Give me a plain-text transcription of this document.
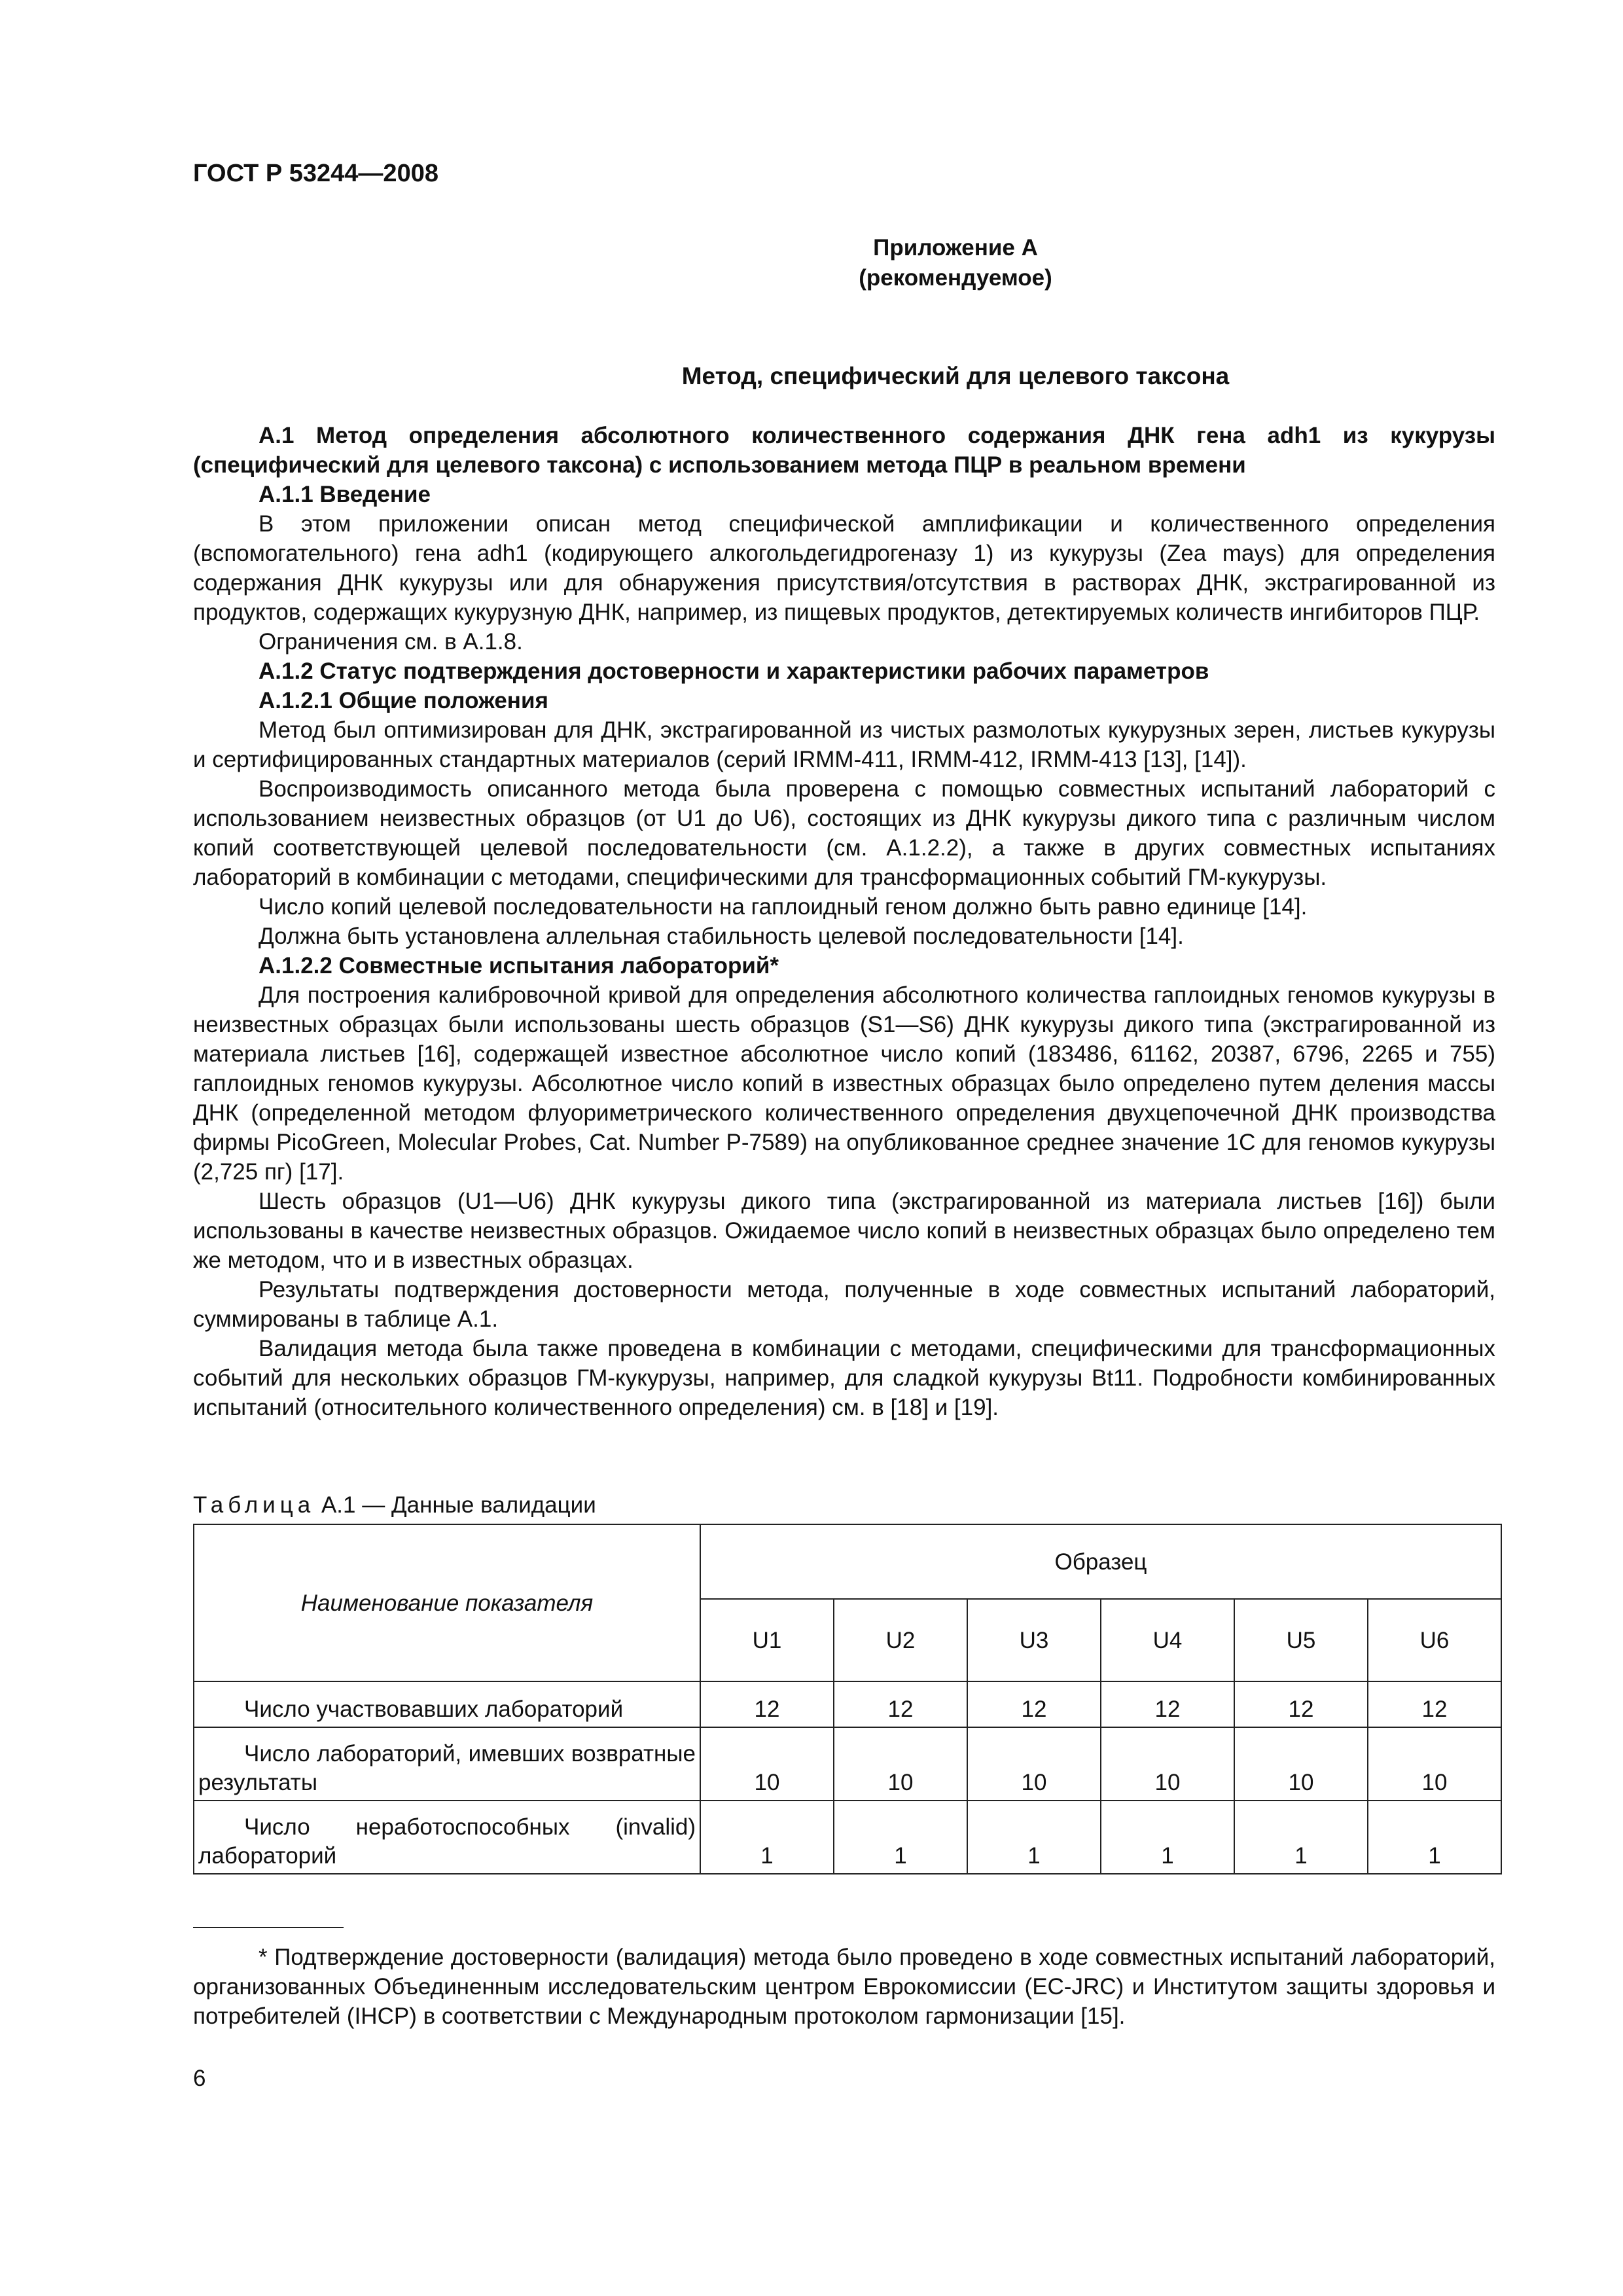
ГОСТ Р 53244—2008
Приложение А
(рекомендуемое)
Метод, специфический для целевого таксона

А.1 Метод определения абсолютного количественного содержания ДНК гена adh1 из кукурузы (специфический для целевого таксона) с использованием метода ПЦР в реальном времени

А.1.1 Введение

В этом приложении описан метод специфической амплификации и количественного определения (вспомогательного) гена adh1 (кодирующего алкогольдегидрогеназу 1) из кукурузы (Zea mays) для определения содержания ДНК кукурузы или для обнаружения присутствия/отсутствия в растворах ДНК, экстрагированной из продуктов, содержащих кукурузную ДНК, например, из пищевых продуктов, детектируемых количеств ингибиторов ПЦР.

Ограничения см. в А.1.8.

А.1.2 Статус подтверждения достоверности и характеристики рабочих параметров

А.1.2.1 Общие положения

Метод был оптимизирован для ДНК, экстрагированной из чистых размолотых кукурузных зерен, листьев кукурузы и сертифицированных стандартных материалов (серий IRMM-411, IRMM-412, IRMM-413 [13], [14]).

Воспроизводимость описанного метода была проверена с помощью совместных испытаний лабораторий с использованием неизвестных образцов (от U1 до U6), состоящих из ДНК кукурузы дикого типа с различным числом копий соответствующей целевой последовательности (см. А.1.2.2), а также в других совместных испытаниях лабораторий в комбинации с методами, специфическими для трансформационных событий ГМ-кукурузы.

Число копий целевой последовательности на гаплоидный геном должно быть равно единице [14].

Должна быть установлена аллельная стабильность целевой последовательности [14].

А.1.2.2 Совместные испытания лабораторий*

Для построения калибровочной кривой для определения абсолютного количества гаплоидных геномов кукурузы в неизвестных образцах были использованы шесть образцов (S1—S6) ДНК кукурузы дикого типа (экстрагированной из материала листьев [16], содержащей известное абсолютное число копий (183486, 61162, 20387, 6796, 2265 и 755) гаплоидных геномов кукурузы. Абсолютное число копий в известных образцах было определено путем деления массы ДНК (определенной методом флуориметрического количественного определения двухцепочечной ДНК производства фирмы PicoGreen, Molecular Probes, Cat. Number P-7589) на опубликованное среднее значение 1С для геномов кукурузы (2,725 пг) [17].

Шесть образцов (U1—U6) ДНК кукурузы дикого типа (экстрагированной из материала листьев [16]) были использованы в качестве неизвестных образцов. Ожидаемое число копий в неизвестных образцах было определено тем же методом, что и в известных образцах.

Результаты подтверждения достоверности метода, полученные в ходе совместных испытаний лабораторий, суммированы в таблице А.1.

Валидация метода была также проведена в комбинации с методами, специфическими для трансформационных событий для нескольких образцов ГМ-кукурузы, например, для сладкой кукурузы Bt11. Подробности комбинированных испытаний (относительного количественного определения) см. в [18] и [19].

Таблица А.1 — Данные валидации
Наименование показателя	Образец					
	U1	U2	U3	U4	U5	U6
Число участвовавших лабораторий	12	12	12	12	12	12
Число лабораторий, имевших возвратные результаты	10	10	10	10	10	10
Число неработоспособных (invalid) лабораторий	1	1	1	1	1	1

* Подтверждение достоверности (валидация) метода было проведено в ходе совместных испытаний лабораторий, организованных Объединенным исследовательским центром Еврокомиссии (EC-JRC) и Институтом защиты здоровья и потребителей (IHCP) в соответствии с Международным протоколом гармонизации [15].

6
